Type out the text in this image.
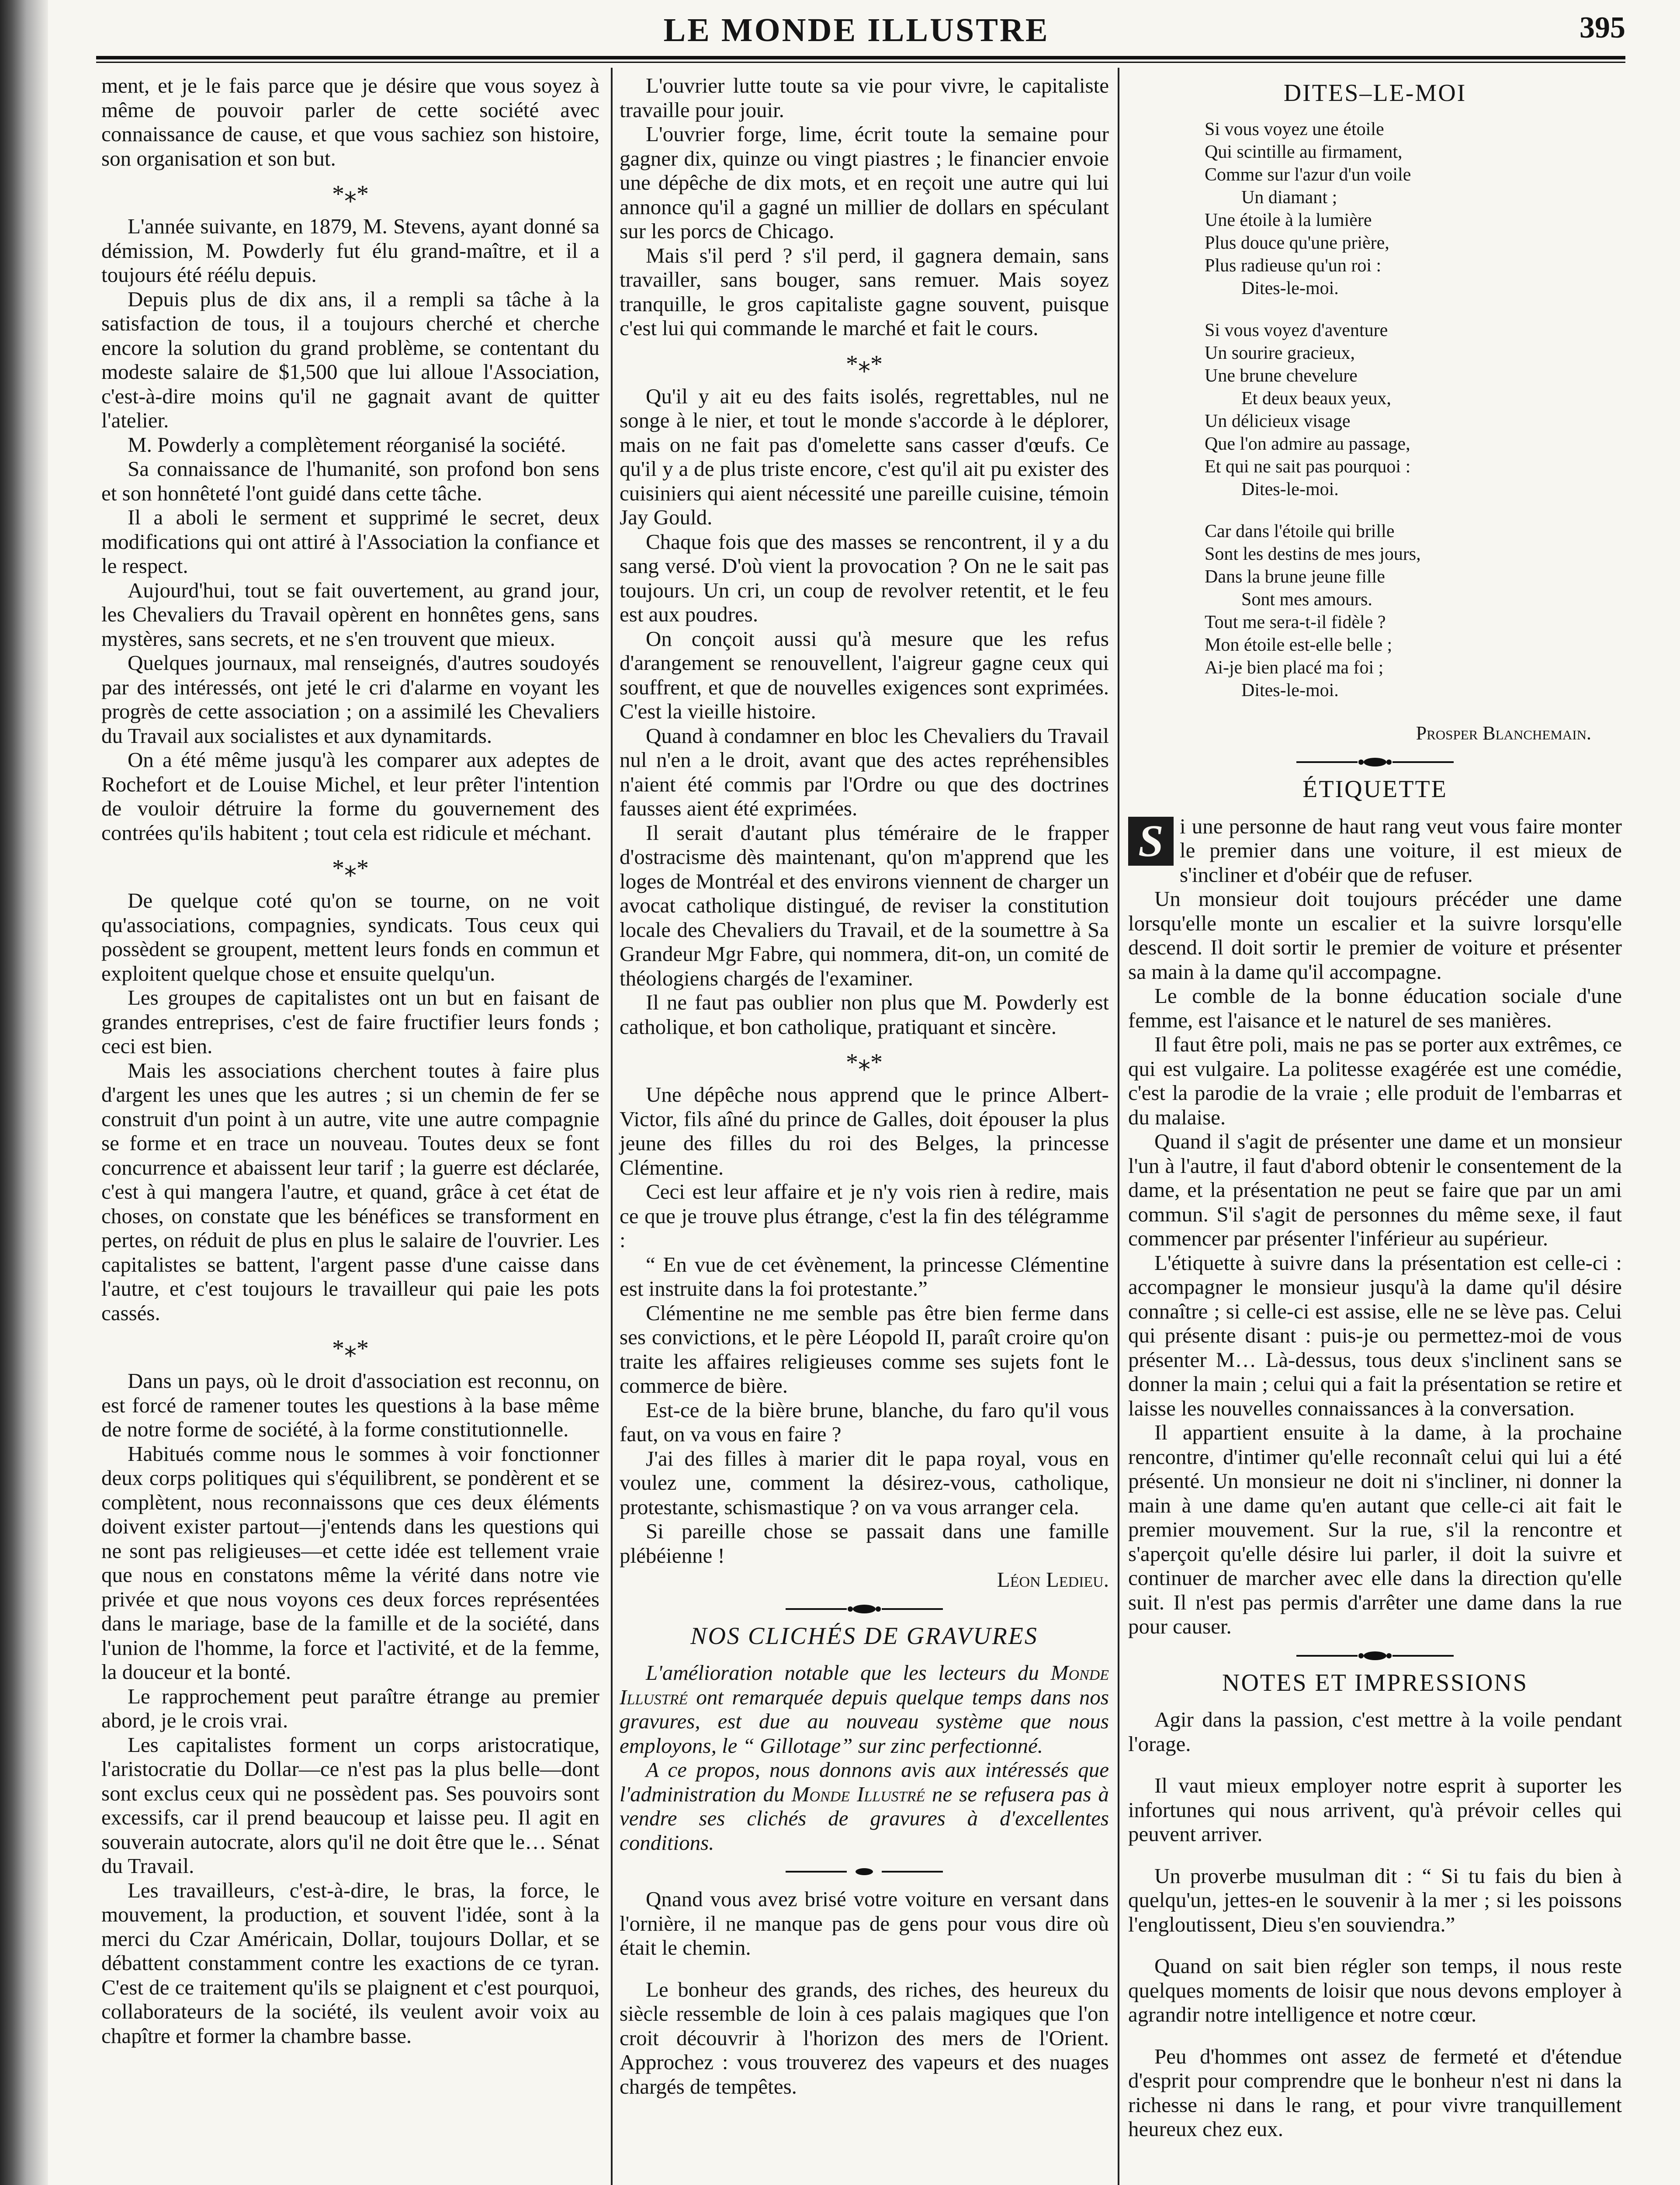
LE MONDE ILLUSTRE	395

ment, et je le fais parce que je désire que vous soyez à même de pouvoir parler de cette société avec connaissance de cause, et que vous sachiez son histoire, son organisation et son but.

*⁎*

L'année suivante, en 1879, M. Stevens, ayant donné sa démission, M. Powderly fut élu grand-maître, et il a toujours été réélu depuis.

Depuis plus de dix ans, il a rempli sa tâche à la satisfaction de tous, il a toujours cherché et cherche encore la solution du grand problème, se contentant du modeste salaire de $1,500 que lui alloue l'Association, c'est-à-dire moins qu'il ne gagnait avant de quitter l'atelier.

M. Powderly a complètement réorganisé la société.

Sa connaissance de l'humanité, son profond bon sens et son honnêteté l'ont guidé dans cette tâche.

Il a aboli le serment et supprimé le secret, deux modifications qui ont attiré à l'Association la confiance et le respect.

Aujourd'hui, tout se fait ouvertement, au grand jour, les Chevaliers du Travail opèrent en honnêtes gens, sans mystères, sans secrets, et ne s'en trouvent que mieux.

Quelques journaux, mal renseignés, d'autres soudoyés par des intéressés, ont jeté le cri d'alarme en voyant les progrès de cette association ; on a assimilé les Chevaliers du Travail aux socialistes et aux dynamitards.

On a été même jusqu'à les comparer aux adeptes de Rochefort et de Louise Michel, et leur prêter l'intention de vouloir détruire la forme du gouvernement des contrées qu'ils habitent ; tout cela est ridicule et méchant.

*⁎*

De quelque coté qu'on se tourne, on ne voit qu'associations, compagnies, syndicats. Tous ceux qui possèdent se groupent, mettent leurs fonds en commun et exploitent quelque chose et ensuite quelqu'un.

Les groupes de capitalistes ont un but en faisant de grandes entreprises, c'est de faire fructifier leurs fonds ; ceci est bien.

Mais les associations cherchent toutes à faire plus d'argent les unes que les autres ; si un chemin de fer se construit d'un point à un autre, vite une autre compagnie se forme et en trace un nouveau. Toutes deux se font concurrence et abaissent leur tarif ; la guerre est déclarée, c'est à qui mangera l'autre, et quand, grâce à cet état de choses, on constate que les bénéfices se transforment en pertes, on réduit de plus en plus le salaire de l'ouvrier. Les capitalistes se battent, l'argent passe d'une caisse dans l'autre, et c'est toujours le travailleur qui paie les pots cassés.

*⁎*

Dans un pays, où le droit d'association est reconnu, on est forcé de ramener toutes les questions à la base même de notre forme de société, à la forme constitutionnelle.

Habitués comme nous le sommes à voir fonctionner deux corps politiques qui s'équilibrent, se pondèrent et se complètent, nous reconnaissons que ces deux éléments doivent exister partout—j'entends dans les questions qui ne sont pas religieuses—et cette idée est tellement vraie que nous en constatons même la vérité dans notre vie privée et que nous voyons ces deux forces représentées dans le mariage, base de la famille et de la société, dans l'union de l'homme, la force et l'activité, et de la femme, la douceur et la bonté.

Le rapprochement peut paraître étrange au premier abord, je le crois vrai.

Les capitalistes forment un corps aristocratique, l'aristocratie du Dollar—ce n'est pas la plus belle—dont sont exclus ceux qui ne possèdent pas. Ses pouvoirs sont excessifs, car il prend beaucoup et laisse peu. Il agit en souverain autocrate, alors qu'il ne doit être que le… Sénat du Travail.

Les travailleurs, c'est-à-dire, le bras, la force, le mouvement, la production, et souvent l'idée, sont à la merci du Czar Américain, Dollar, toujours Dollar, et se débattent constamment contre les exactions de ce tyran. C'est de ce traitement qu'ils se plaignent et c'est pourquoi, collaborateurs de la société, ils veulent avoir voix au chapître et former la chambre basse.

L'ouvrier lutte toute sa vie pour vivre, le capitaliste travaille pour jouir.

L'ouvrier forge, lime, écrit toute la semaine pour gagner dix, quinze ou vingt piastres ; le financier envoie une dépêche de dix mots, et en reçoit une autre qui lui annonce qu'il a gagné un millier de dollars en spéculant sur les porcs de Chicago.

Mais s'il perd ? s'il perd, il gagnera demain, sans travailler, sans bouger, sans remuer. Mais soyez tranquille, le gros capitaliste gagne souvent, puisque c'est lui qui commande le marché et fait le cours.

*⁎*

Qu'il y ait eu des faits isolés, regrettables, nul ne songe à le nier, et tout le monde s'accorde à le déplorer, mais on ne fait pas d'omelette sans casser d'œufs. Ce qu'il y a de plus triste encore, c'est qu'il ait pu exister des cuisiniers qui aient nécessité une pareille cuisine, témoin Jay Gould.

Chaque fois que des masses se rencontrent, il y a du sang versé. D'où vient la provocation ? On ne le sait pas toujours. Un cri, un coup de revolver retentit, et le feu est aux poudres.

On conçoit aussi qu'à mesure que les refus d'arangement se renouvellent, l'aigreur gagne ceux qui souffrent, et que de nouvelles exigences sont exprimées. C'est la vieille histoire.

Quand à condamner en bloc les Chevaliers du Travail nul n'en a le droit, avant que des actes repréhensibles n'aient été commis par l'Ordre ou que des doctrines fausses aient été exprimées.

Il serait d'autant plus téméraire de le frapper d'ostracisme dès maintenant, qu'on m'apprend que les loges de Montréal et des environs viennent de charger un avocat catholique distingué, de reviser la constitution locale des Chevaliers du Travail, et de la soumettre à Sa Grandeur Mgr Fabre, qui nommera, dit-on, un comité de théologiens chargés de l'examiner.

Il ne faut pas oublier non plus que M. Powderly est catholique, et bon catholique, pratiquant et sincère.

*⁎*

Une dépêche nous apprend que le prince Albert-Victor, fils aîné du prince de Galles, doit épouser la plus jeune des filles du roi des Belges, la princesse Clémentine.

Ceci est leur affaire et je n'y vois rien à redire, mais ce que je trouve plus étrange, c'est la fin des télégramme :

“ En vue de cet évènement, la princesse Clémentine est instruite dans la foi protestante.”

Clémentine ne me semble pas être bien ferme dans ses convictions, et le père Léopold II, paraît croire qu'on traite les affaires religieuses comme ses sujets font le commerce de bière.

Est-ce de la bière brune, blanche, du faro qu'il vous faut, on va vous en faire ?

J'ai des filles à marier dit le papa royal, vous en voulez une, comment la désirez-vous, catholique, protestante, schismastique ? on va vous arranger cela.

Si pareille chose se passait dans une famille plébéienne !

Léon Ledieu.

NOS CLICHÉS DE GRAVURES

L'amélioration notable que les lecteurs du Monde Illustré ont remarquée depuis quelque temps dans nos gravures, est due au nouveau système que nous employons, le “ Gillotage” sur zinc perfectionné.

A ce propos, nous donnons avis aux intéressés que l'administration du Monde Illustré ne se refusera pas à vendre ses clichés de gravures à d'excellentes conditions.

Qnand vous avez brisé votre voiture en versant dans l'ornière, il ne manque pas de gens pour vous dire où était le chemin.

Le bonheur des grands, des riches, des heureux du siècle ressemble de loin à ces palais magiques que l'on croit découvrir à l'horizon des mers de l'Orient. Approchez : vous trouverez des vapeurs et des nuages chargés de tempêtes.

DITES–LE-MOI
Si vous voyez une étoile
Qui scintille au firmament,
Comme sur l'azur d'un voile
Un diamant ;
Une étoile à la lumière
Plus douce qu'une prière,
Plus radieuse qu'un roi :
Dites-le-moi.
Si vous voyez d'aventure
Un sourire gracieux,
Une brune chevelure
Et deux beaux yeux,
Un délicieux visage
Que l'on admire au passage,
Et qui ne sait pas pourquoi :
Dites-le-moi.
Car dans l'étoile qui brille
Sont les destins de mes jours,
Dans la brune jeune fille
Sont mes amours.
Tout me sera-t-il fidèle ?
Mon étoile est-elle belle ;
Ai-je bien placé ma foi ;
Dites-le-moi.

Prosper Blanchemain.

ÉTIQUETTE

S i une personne de haut rang veut vous faire monter le premier dans une voiture, il est mieux de s'incliner et d'obéir que de refuser.

Un monsieur doit toujours précéder une dame lorsqu'elle monte un escalier et la suivre lorsqu'elle descend. Il doit sortir le premier de voiture et présenter sa main à la dame qu'il accompagne.

Le comble de la bonne éducation sociale d'une femme, est l'aisance et le naturel de ses manières.

Il faut être poli, mais ne pas se porter aux extrêmes, ce qui est vulgaire. La politesse exagérée est une comédie, c'est la parodie de la vraie ; elle produit de l'embarras et du malaise.

Quand il s'agit de présenter une dame et un monsieur l'un à l'autre, il faut d'abord obtenir le consentement de la dame, et la présentation ne peut se faire que par un ami commun. S'il s'agit de personnes du même sexe, il faut commencer par présenter l'inférieur au supérieur.

L'étiquette à suivre dans la présentation est celle-ci : accompagner le monsieur jusqu'à la dame qu'il désire connaître ; si celle-ci est assise, elle ne se lève pas. Celui qui présente disant : puis-je ou permettez-moi de vous présenter M… Là-dessus, tous deux s'inclinent sans se donner la main ; celui qui a fait la présentation se retire et laisse les nouvelles connaissances à la conversation.

Il appartient ensuite à la dame, à la prochaine rencontre, d'intimer qu'elle reconnaît celui qui lui a été présenté. Un monsieur ne doit ni s'incliner, ni donner la main à une dame qu'en autant que celle-ci ait fait le premier mouvement. Sur la rue, s'il la rencontre et s'aperçoit qu'elle désire lui parler, il doit la suivre et continuer de marcher avec elle dans la direction qu'elle suit. Il n'est pas permis d'arrêter une dame dans la rue pour causer.

NOTES ET IMPRESSIONS

Agir dans la passion, c'est mettre à la voile pendant l'orage.

Il vaut mieux employer notre esprit à suporter les infortunes qui nous arrivent, qu'à prévoir celles qui peuvent arriver.

Un proverbe musulman dit : “ Si tu fais du bien à quelqu'un, jettes-en le souvenir à la mer ; si les poissons l'engloutissent, Dieu s'en souviendra.”

Quand on sait bien régler son temps, il nous reste quelques moments de loisir que nous devons employer à agrandir notre intelligence et notre cœur.

Peu d'hommes ont assez de fermeté et d'étendue d'esprit pour comprendre que le bonheur n'est ni dans la richesse ni dans le rang, et pour vivre tranquillement heureux chez eux.
